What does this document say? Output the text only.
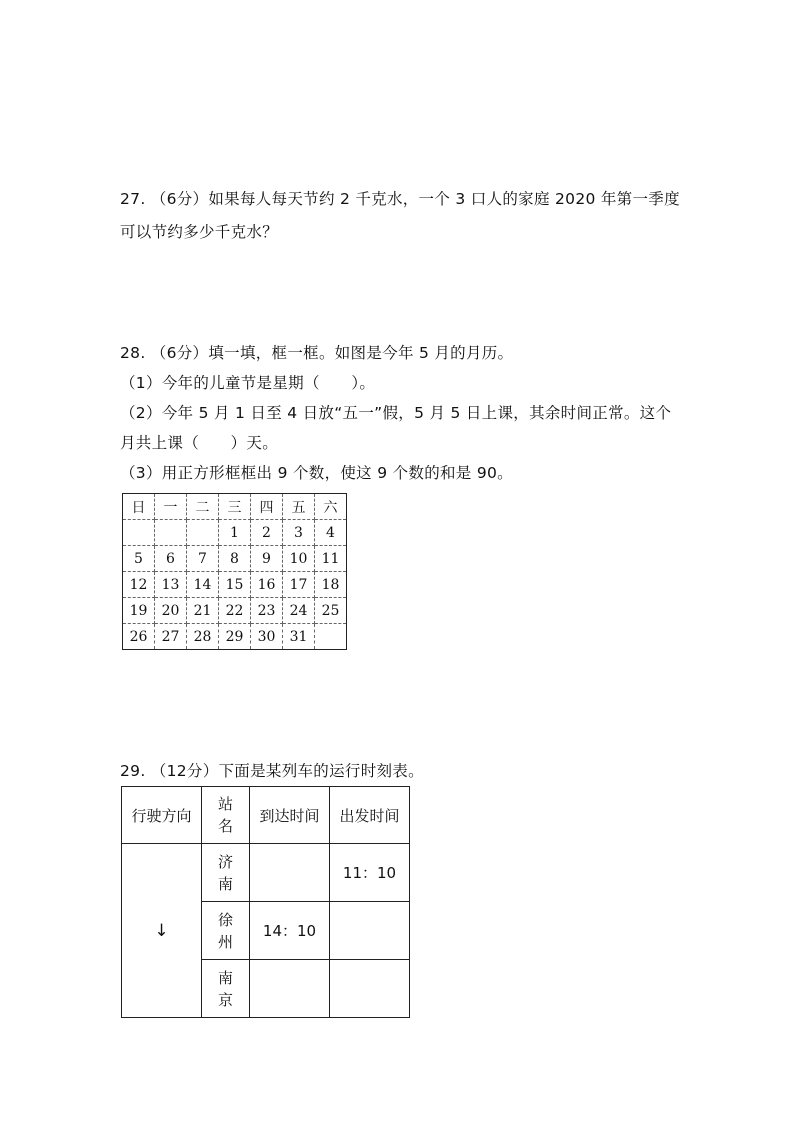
27. （6分）如果每人每天节约 2 千克水，一个 3 口人的家庭 2020 年第一季度
可以节约多少千克水？
28. （6分）填一填，框一框。如图是今年 5 月的月历。
（1）今年的儿童节是星期（　　）。
（2）今年 5 月 1 日至 4 日放“五一”假，5 月 5 日上课，其余时间正常。这个
月共上课（　　）天。
（3）用正方形框框出 9 个数，使这 9 个数的和是 90。
日	一	二	三	四	五	六
			1	2	3	4
5	6	7	8	9	10	11
12	13	14	15	16	17	18
19	20	21	22	23	24	25
26	27	28	29	30	31	
29. （12分）下面是某列车的运行时刻表。
行驶方向	站名	到达时间	出发时间
↓	济南		11：10
	徐州	14：10	
	南京		
